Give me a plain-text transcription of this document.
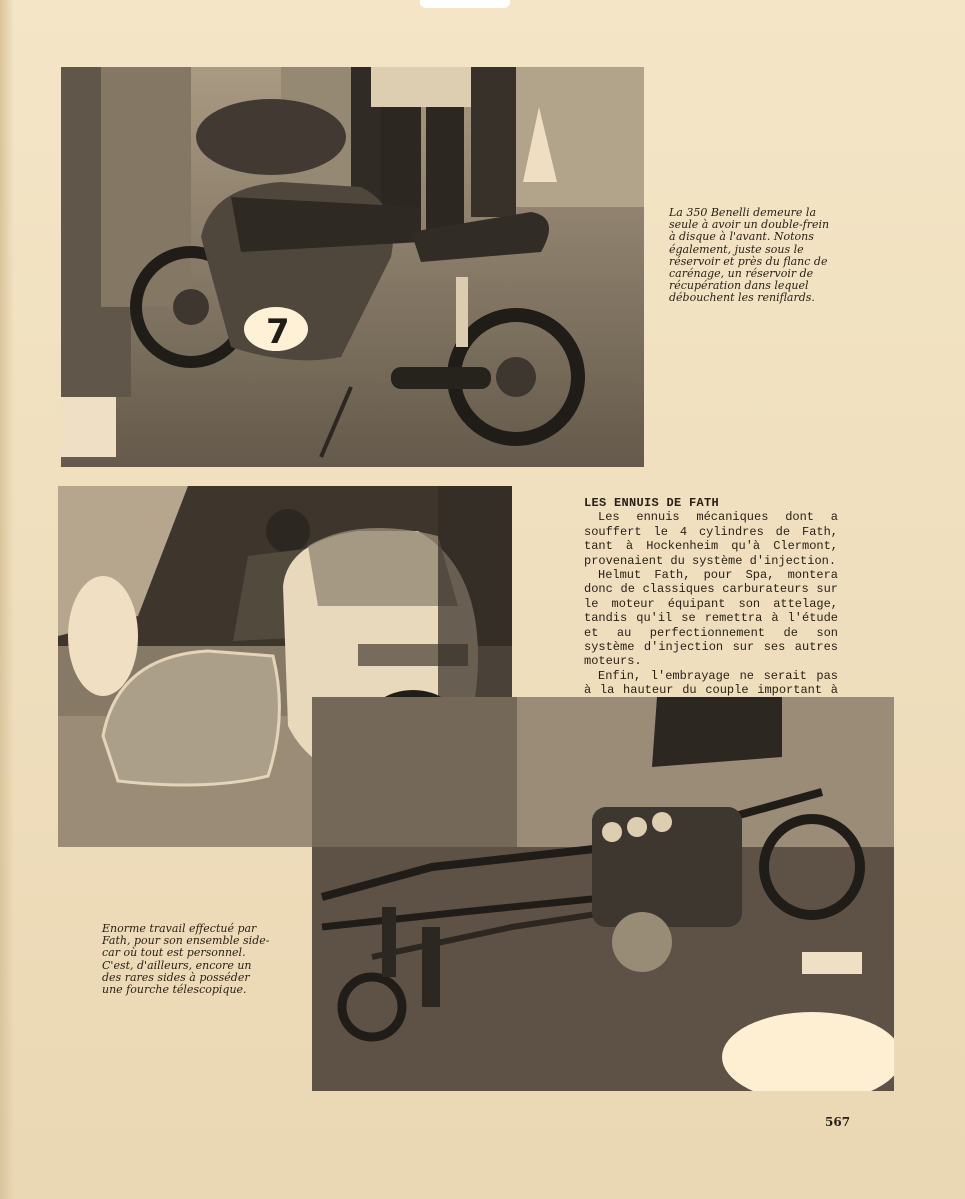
7

La 350 Benelli demeure la seule à avoir un double-frein à disque à l'avant. Notons également, juste sous le réservoir et près du flanc de carénage, un réservoir de récupération dans lequel débouchent les reniflards.

LES ENNUIS DE FATH

Les ennuis mécaniques dont a souffert le 4 cylindres de Fath, tant à Hockenheim qu'à Clermont, provenaient du système d'injection.

Helmut Fath, pour Spa, montera donc de classiques carburateurs sur le moteur équipant son attelage, tandis qu'il se remettra à l'étude et au perfectionnement de son système d'injection sur ses autres moteurs.

Enfin, l'embrayage ne serait pas à la hauteur du couple important à

Enorme travail effectué par Fath, pour son ensemble side-car où tout est personnel. C'est, d'ailleurs, encore un des rares sides à posséder une fourche télescopique.

567
